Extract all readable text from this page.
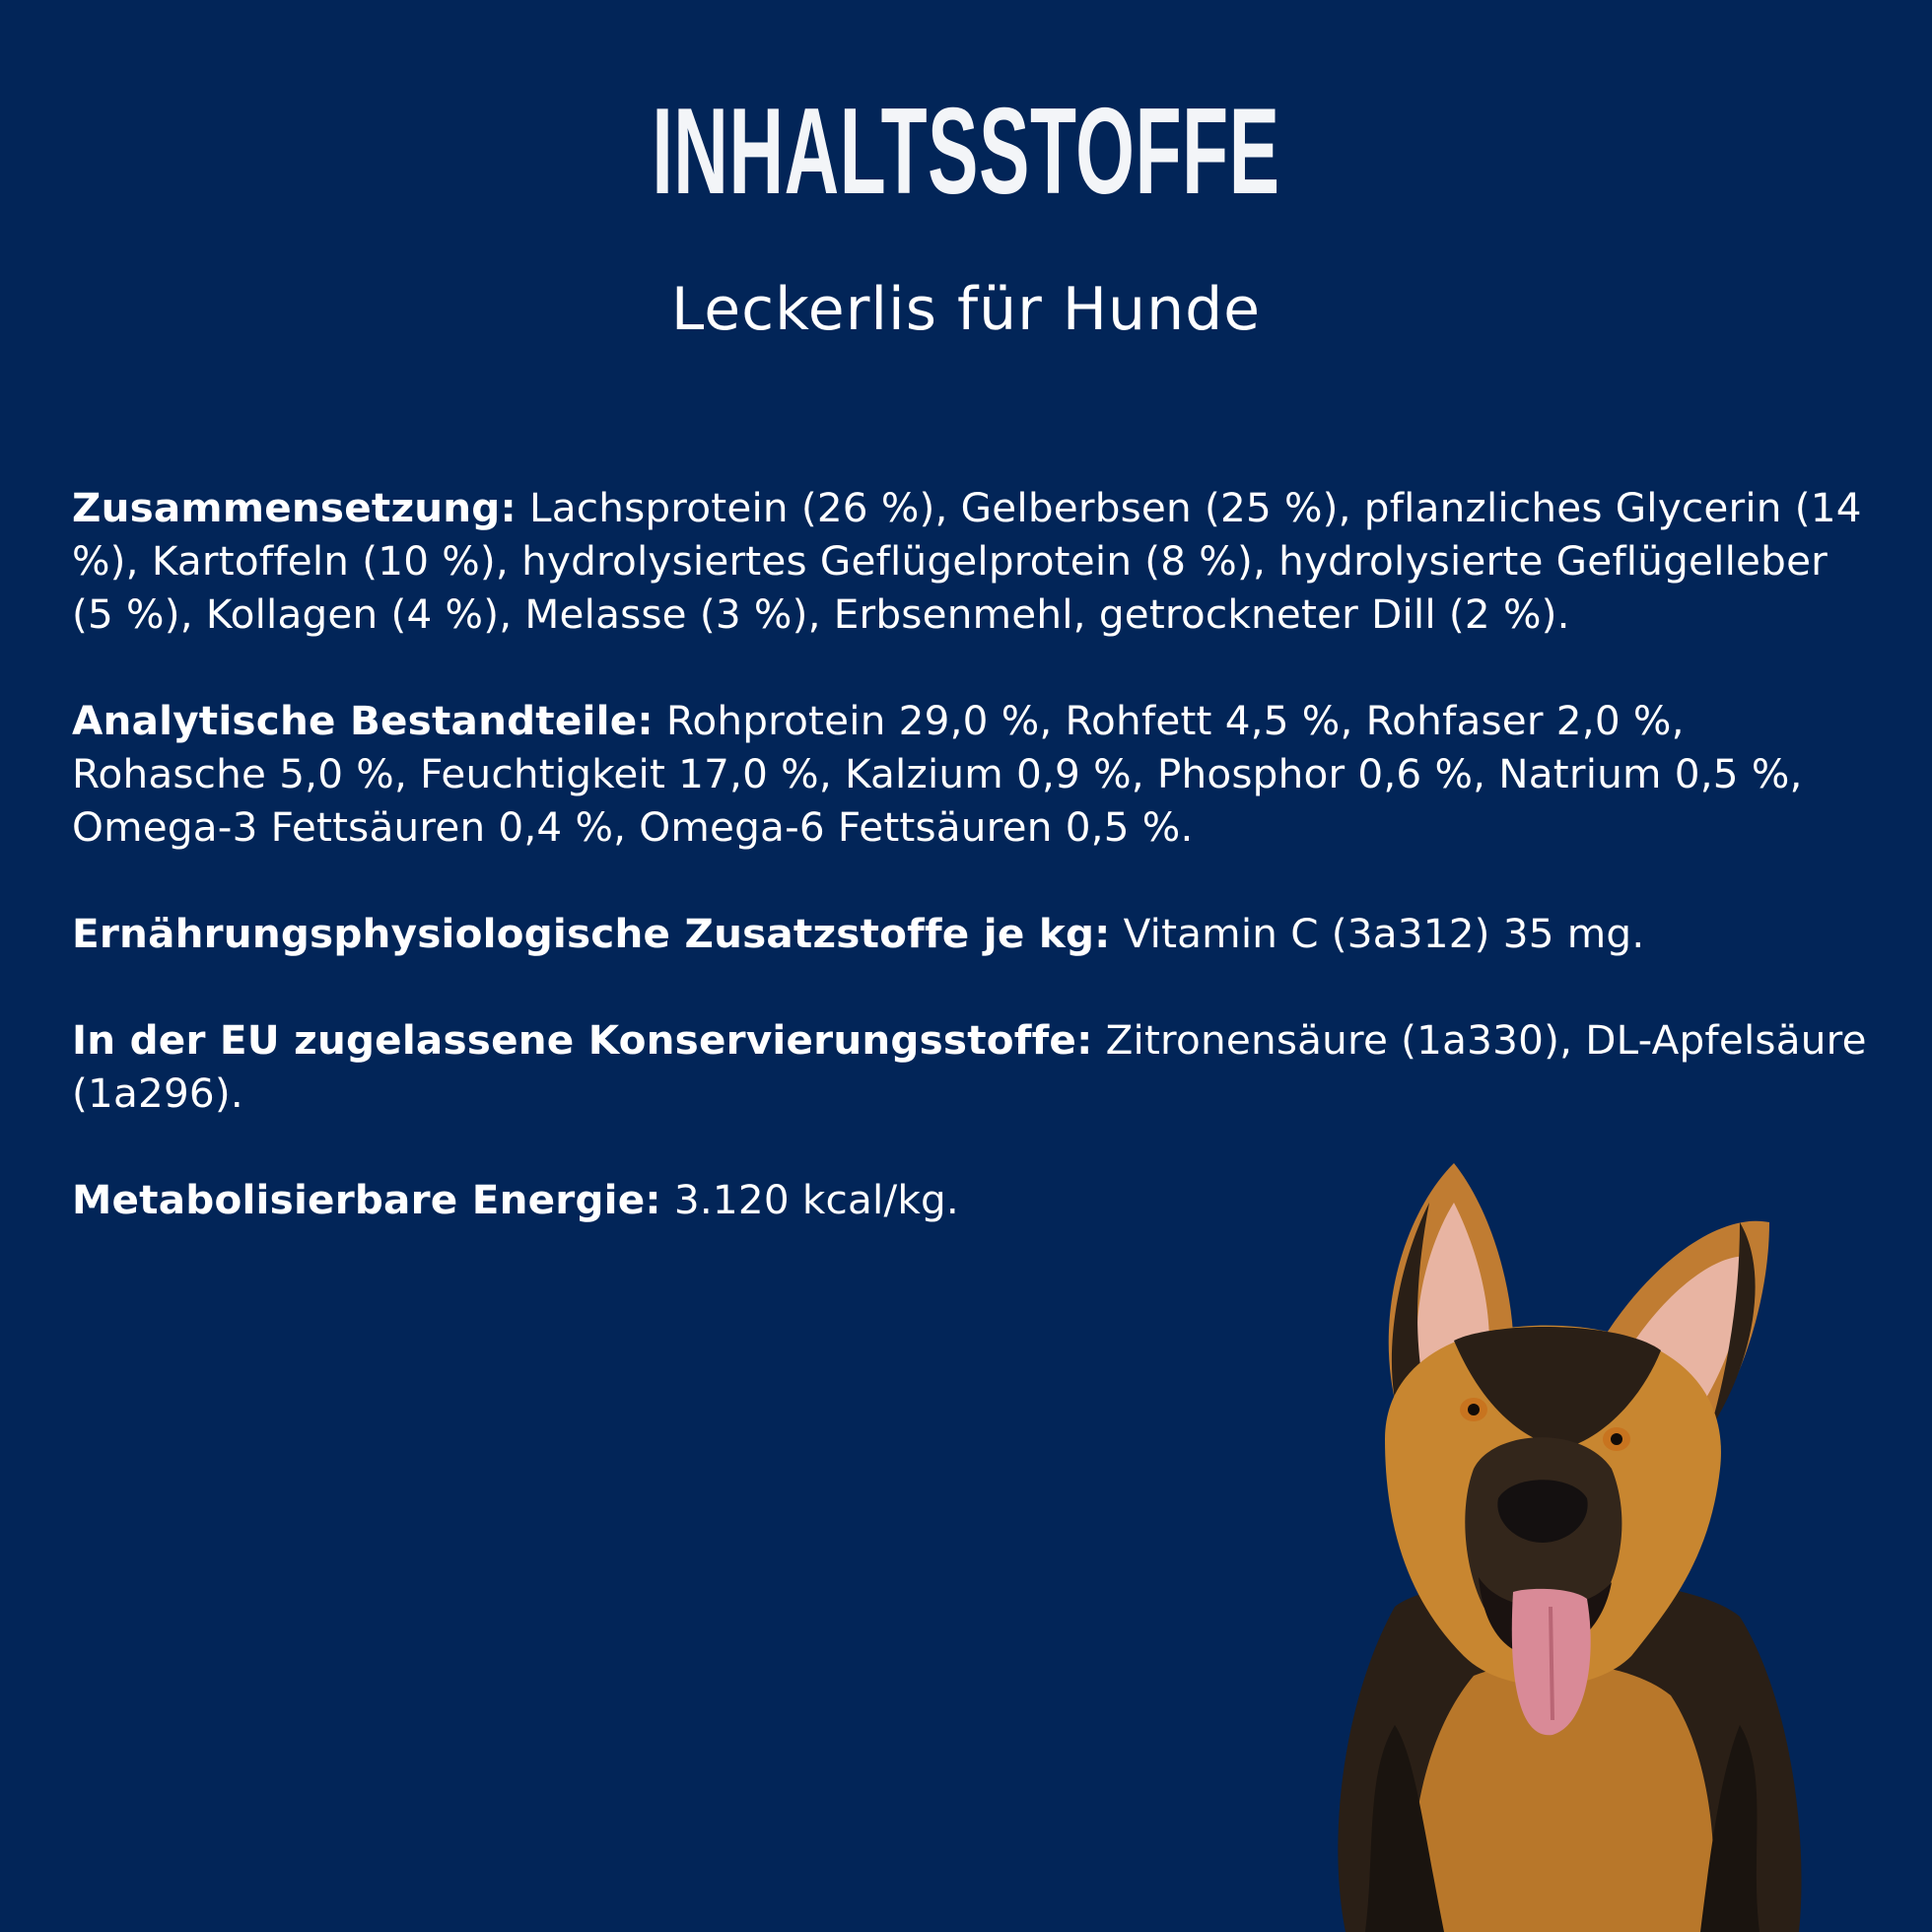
INHALTSSTOFFE
Leckerlis für Hunde

Zusammensetzung: Lachsprotein (26 %), Gelberbsen (25 %), pflanzliches Glycerin (14 %), Kartoffeln (10 %), hydrolysiertes Geflügelprotein (8 %), hydrolysierte Geflügelleber (5 %), Kollagen (4 %), Melasse (3 %), Erbsenmehl, getrockneter Dill (2 %).

Analytische Bestandteile: Rohprotein 29,0 %, Rohfett 4,5 %, Rohfaser 2,0 %, Rohasche 5,0 %, Feuchtigkeit 17,0 %, Kalzium 0,9 %, Phosphor 0,6 %, Natrium 0,5 %, Omega-3 Fettsäuren 0,4 %, Omega-6 Fettsäuren 0,5 %.

Ernährungsphysiologische Zusatzstoffe je kg: Vitamin C (3a312) 35 mg.

In der EU zugelassene Konservierungsstoffe: Zitronensäure (1a330), DL-Apfelsäure (1a296).

Metabolisierbare Energie: 3.120 kcal/kg.
